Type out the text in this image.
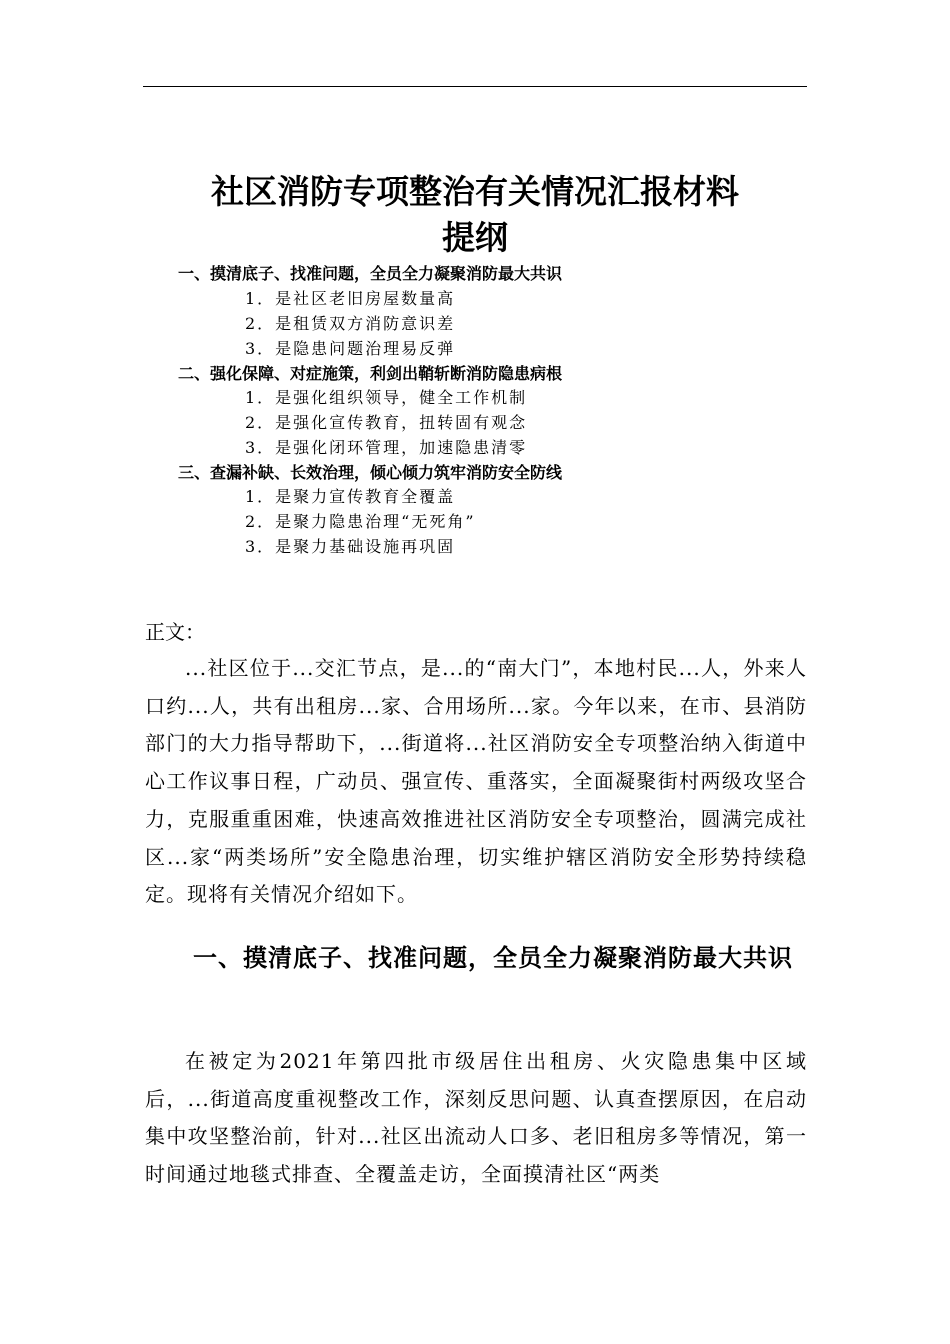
社区消防专项整治有关情况汇报材料
提纲
一、摸清底子、找准问题，全员全力凝聚消防最大共识
1．是社区老旧房屋数量高
2．是租赁双方消防意识差
3．是隐患问题治理易反弹
二、强化保障、对症施策，利剑出鞘斩断消防隐患病根
1．是强化组织领导，健全工作机制
2．是强化宣传教育，扭转固有观念
3．是强化闭环管理，加速隐患清零
三、查漏补缺、长效治理，倾心倾力筑牢消防安全防线
1．是聚力宣传教育全覆盖
2．是聚力隐患治理“无死角”
3．是聚力基础设施再巩固
正文：

...社区位于...交汇节点，是...的“南大门”，本地村民...人，外来人口约...人，共有出租房...家、合用场所...家。今年以来，在市、县消防部门的大力指导帮助下，...街道将...社区消防安全专项整治纳入街道中心工作议事日程，广动员、强宣传、重落实，全面凝聚街村两级攻坚合力，克服重重困难，快速高效推进社区消防安全专项整治，圆满完成社区...家“两类场所”安全隐患治理，切实维护辖区消防安全形势持续稳定。现将有关情况介绍如下。

一、摸清底子、找准问题，全员全力凝聚消防最大共识

在被定为2021年第四批市级居住出租房、火灾隐患集中区域后，...街道高度重视整改工作，深刻反思问题、认真查摆原因，在启动集中攻坚整治前，针对...社区出流动人口多、老旧租房多等情况，第一时间通过地毯式排查、全覆盖走访，全面摸清社区“两类
